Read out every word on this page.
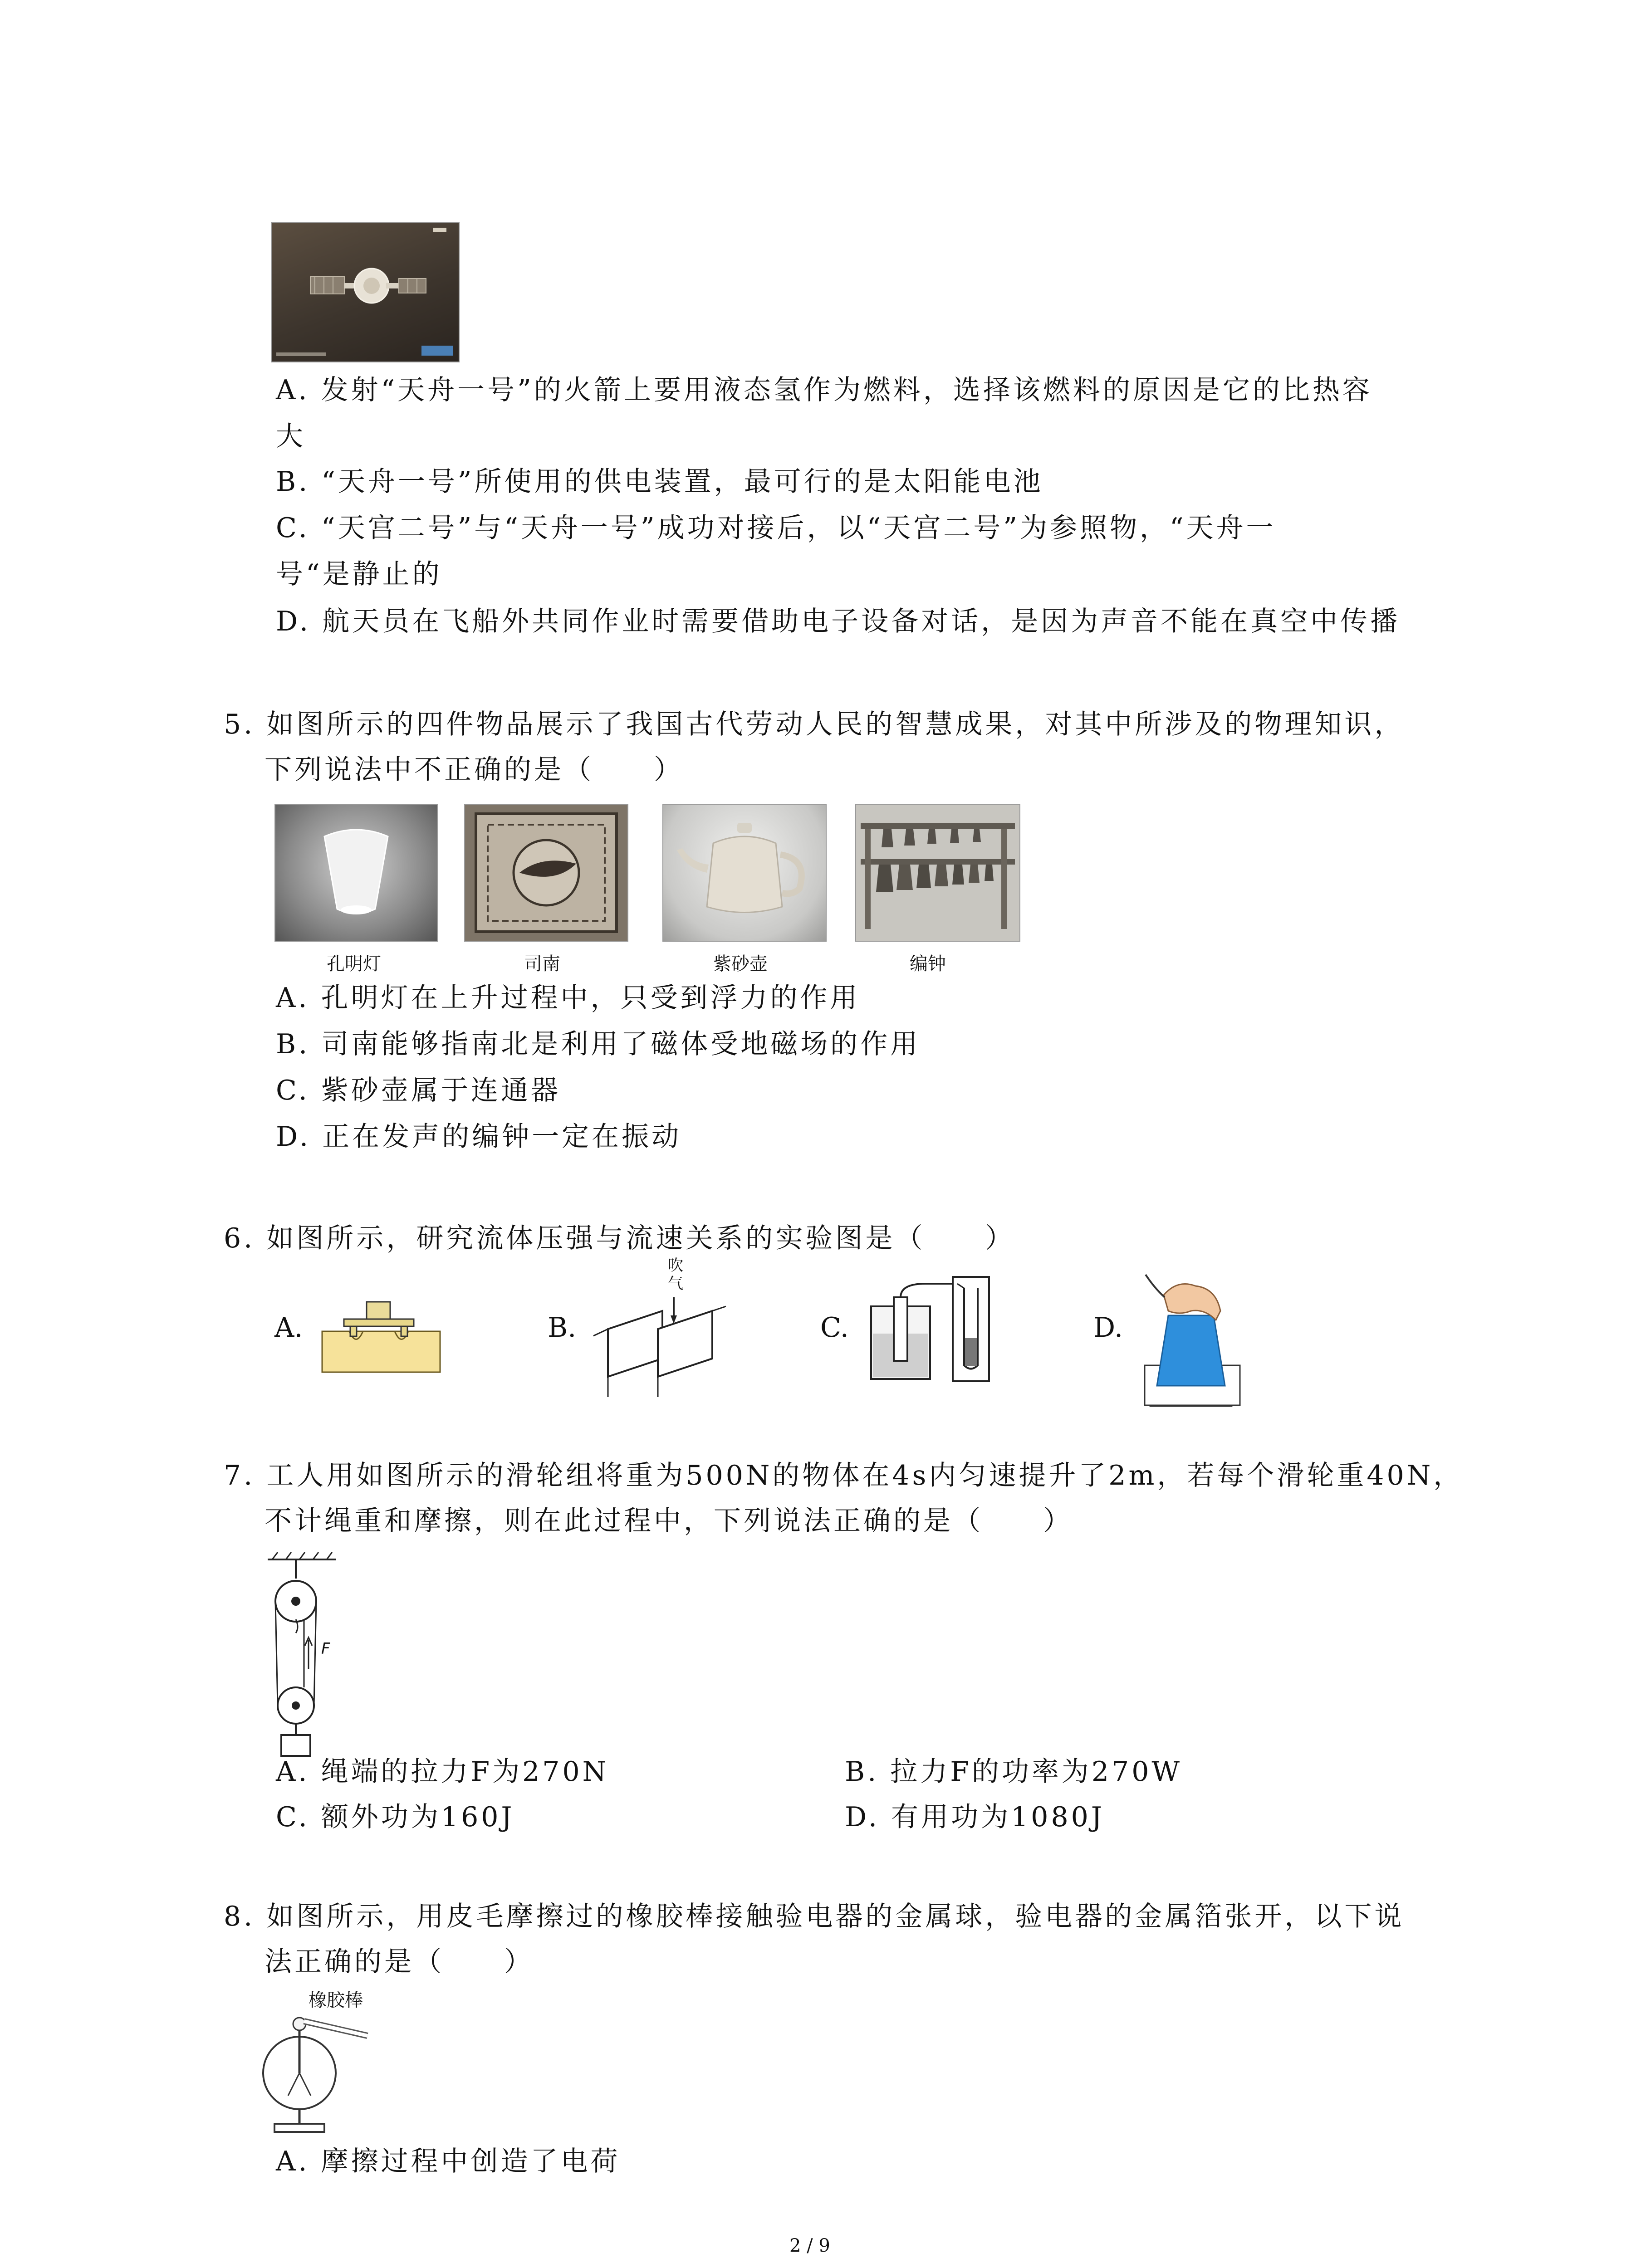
A. 发射“天舟一号”的火箭上要用液态氢作为燃料，选择该燃料的原因是它的比热容
大
B. “天舟一号”所使用的供电装置，最可行的是太阳能电池
C. “天宫二号”与“天舟一号”成功对接后，以“天宫二号”为参照物，“天舟一
号“是静止的
D. 航天员在飞船外共同作业时需要借助电子设备对话，是因为声音不能在真空中传播
5. 如图所示的四件物品展示了我国古代劳动人民的智慧成果，对其中所涉及的物理知识，
下列说法中不正确的是（　　）
孔明灯	司南	紫砂壶	编钟
A. 孔明灯在上升过程中，只受到浮力的作用
B. 司南能够指南北是利用了磁体受地磁场的作用
C. 紫砂壶属于连通器
D. 正在发声的编钟一定在振动
6. 如图所示，研究流体压强与流速关系的实验图是（　　）
A.	B.
吹气
C.	D.
7. 工人用如图所示的滑轮组将重为500N的物体在4s内匀速提升了2m，若每个滑轮重40N，
不计绳重和摩擦，则在此过程中，下列说法正确的是（　　）
F
A. 绳端的拉力F为270N	B. 拉力F的功率为270W
C. 额外功为160J	D. 有用功为1080J
8. 如图所示，用皮毛摩擦过的橡胶棒接触验电器的金属球，验电器的金属箔张开，以下说
法正确的是（　　）
橡胶棒
A. 摩擦过程中创造了电荷
2 / 9
